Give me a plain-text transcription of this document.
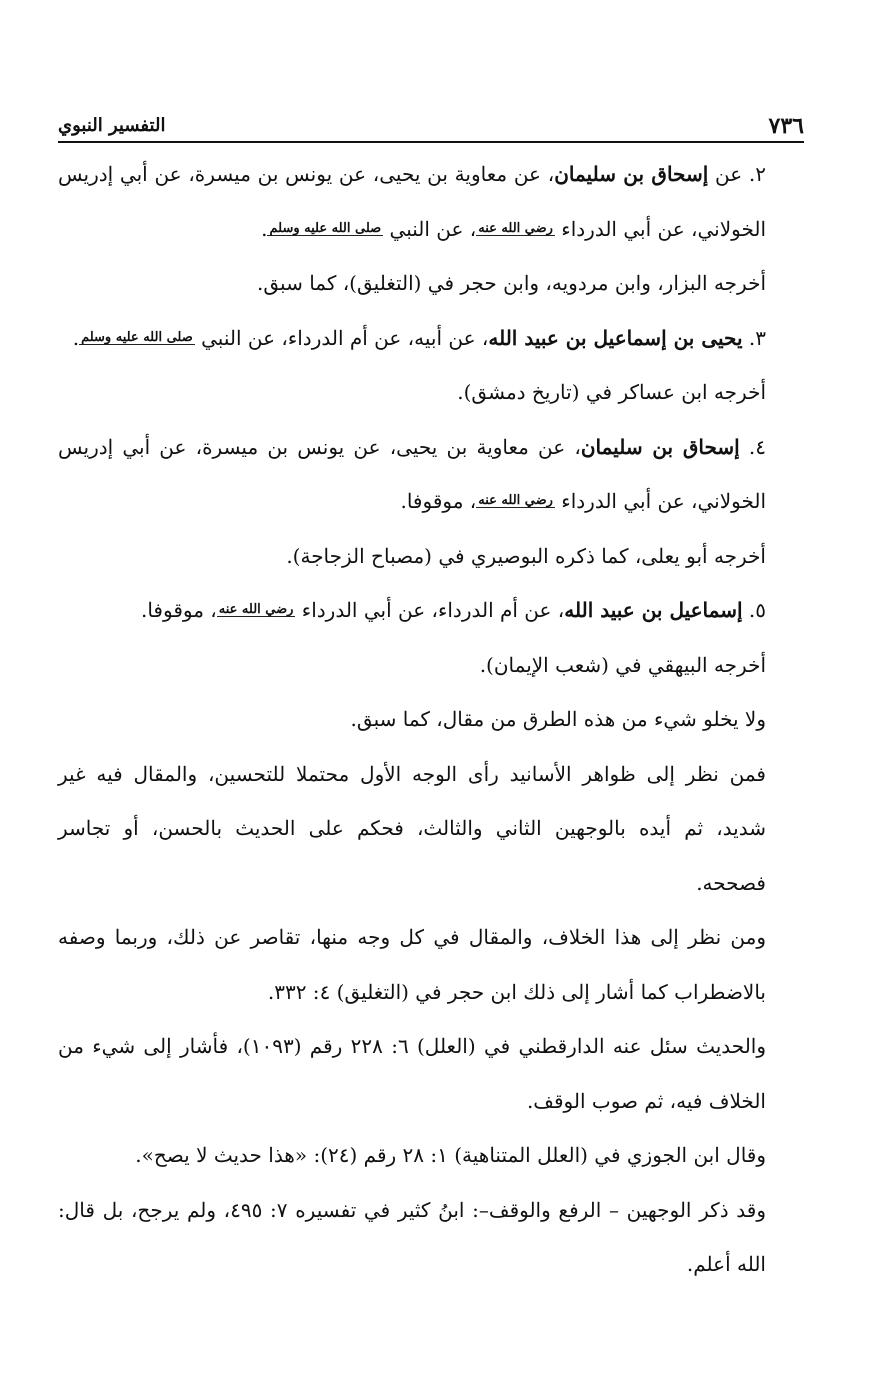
٧٣٦
التفسير النبوي

٢. عن إسحاق بن سليمان، عن معاوية بن يحيى، عن يونس بن ميسرة، عن أبي إدريس الخولاني، عن أبي الدرداء رضي الله عنه، عن النبي صلى الله عليه وسلم.

أخرجه البزار، وابن مردويه، وابن حجر في (التغليق)، كما سبق.

٣. يحيى بن إسماعيل بن عبيد الله، عن أبيه، عن أم الدرداء، عن النبي صلى الله عليه وسلم.

أخرجه ابن عساكر في (تاريخ دمشق).

٤. إسحاق بن سليمان، عن معاوية بن يحيى، عن يونس بن ميسرة، عن أبي إدريس الخولاني، عن أبي الدرداء رضي الله عنه، موقوفا.

أخرجه أبو يعلى، كما ذكره البوصيري في (مصباح الزجاجة).

٥. إسماعيل بن عبيد الله، عن أم الدرداء، عن أبي الدرداء رضي الله عنه، موقوفا.

أخرجه البيهقي في (شعب الإيمان).

ولا يخلو شيء من هذه الطرق من مقال، كما سبق.

فمن نظر إلى ظواهر الأسانيد رأى الوجه الأول محتملا للتحسين، والمقال فيه غير شديد، ثم أيده بالوجهين الثاني والثالث، فحكم على الحديث بالحسن، أو تجاسر فصححه.

ومن نظر إلى هذا الخلاف، والمقال في كل وجه منها، تقاصر عن ذلك، وربما وصفه بالاضطراب كما أشار إلى ذلك ابن حجر في (التغليق) ٤: ٣٣٢.

والحديث سئل عنه الدارقطني في (العلل) ٦: ٢٢٨ رقم (١٠٩٣)، فأشار إلى شيء من الخلاف فيه، ثم صوب الوقف.

وقال ابن الجوزي في (العلل المتناهية) ١: ٢٨ رقم (٢٤): «هذا حديث لا يصح».

وقد ذكر الوجهين – الرفع والوقف–: ابنُ كثير في تفسيره ٧: ٤٩٥، ولم يرجح، بل قال: الله أعلم.
